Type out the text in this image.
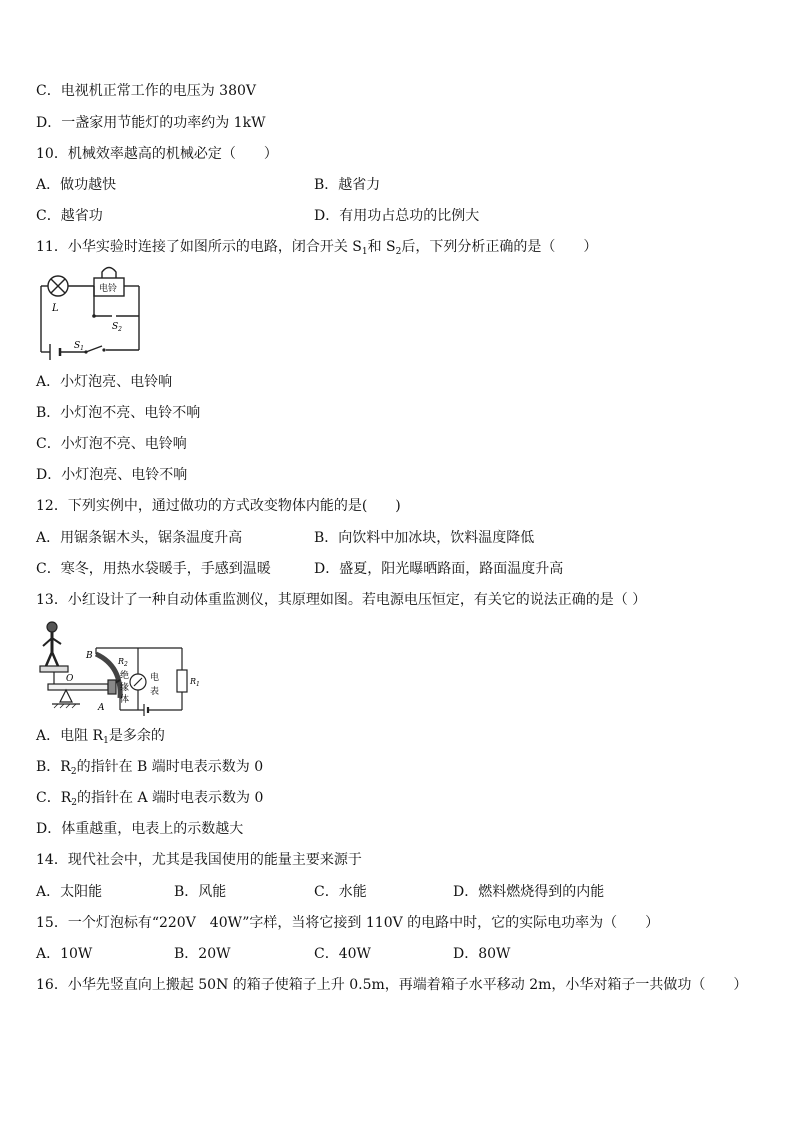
C．电视机正常工作的电压为 380V
D．一盏家用节能灯的功率约为 1kW
10．机械效率越高的机械必定（　　）
A．做功越快	B．越省力
C．越省功	D．有用功占总功的比例大
11．小华实验时连接了如图所示的电路，闭合开关 $S_1$和 $S_2$后，下列分析正确的是（　　）
L
电铃
$S_2$
$S_1$
A．小灯泡亮、电铃响
B．小灯泡不亮、电铃不响
C．小灯泡不亮、电铃响
D．小灯泡亮、电铃不响
12．下列实例中，通过做功的方式改变物体内能的是(　　)
A．用锯条锯木头，锯条温度升高	B．向饮料中加冰块，饮料温度降低
C．寒冬，用热水袋暖手，手感到温暖	D．盛夏，阳光曝晒路面，路面温度升高
13．小红设计了一种自动体重监测仪，其原理如图。若电源电压恒定，有关它的说法正确的是（ ）
B
O
A
$R_2$
$R_1$
绝
缘
体
电
表
A．电阻 $R_1$是多余的
B．$R_2$的指针在 B 端时电表示数为 0
C．$R_2$的指针在 A 端时电表示数为 0
D．体重越重，电表上的示数越大
14．现代社会中，尤其是我国使用的能量主要来源于
A．太阳能	B．风能	C．水能	D．燃料燃烧得到的内能
15．一个灯泡标有“220V　40W”字样，当将它接到 110V 的电路中时，它的实际电功率为（　　）
A．10W	B．20W	C．40W	D．80W
16．小华先竖直向上搬起 50N 的箱子使箱子上升 0.5m，再端着箱子水平移动 2m，小华对箱子一共做功（　　）
